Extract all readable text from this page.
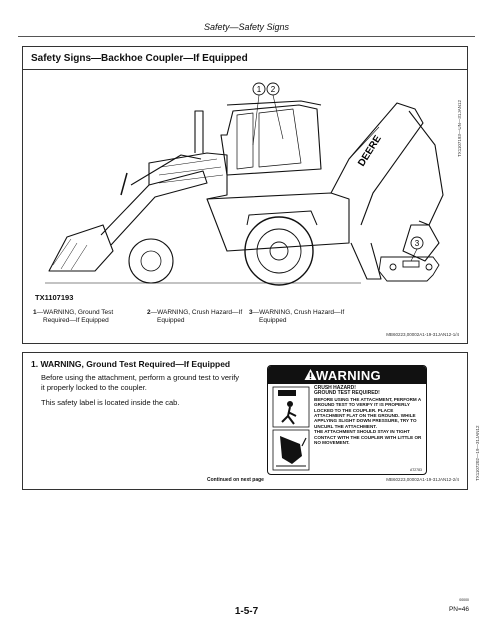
Safety—Safety Signs
Safety Signs—Backhoe Coupler—If Equipped
DEERE
1 2
3
TX1107193—UN—31JAN12
TX1107193
1—WARNING, Ground Test
Required—If Equipped
2—WARNING, Crush Hazard—If
Equipped
3—WARNING, Crush Hazard—If
Equipped
MB60223,00002A1-19-31JAN12-1/4
1. WARNING, Ground Test Required—If Equipped

Before using the attachment, perform a ground test to verify it properly locked to the coupler.

This safety label is located inside the cab.

WARNING
CRUSH HAZARD!
GROUND TEST REQUIRED!
BEFORE USING THE ATTACHMENT, PERFORM A GROUND TEST TO VERIFY IT IS PROPERLY LOCKED TO THE COUPLER. PLACE ATTACHMENT FLAT ON THE GROUND. WHILE APPLYING SLIGHT DOWN PRESSURE, TRY TO UNCURL THE ATTACHMENT.
THE ATTACHMENT SHOULD STAY IN TIGHT CONTACT WITH THE COUPLER WITH LITTLE OR NO MOVEMENT.
AT2783	TX1107202—19—31JAN12
Continued on next page	MB60223,00002A1-19-31JAN12-2/4
00000
1-5-7	PN=46
